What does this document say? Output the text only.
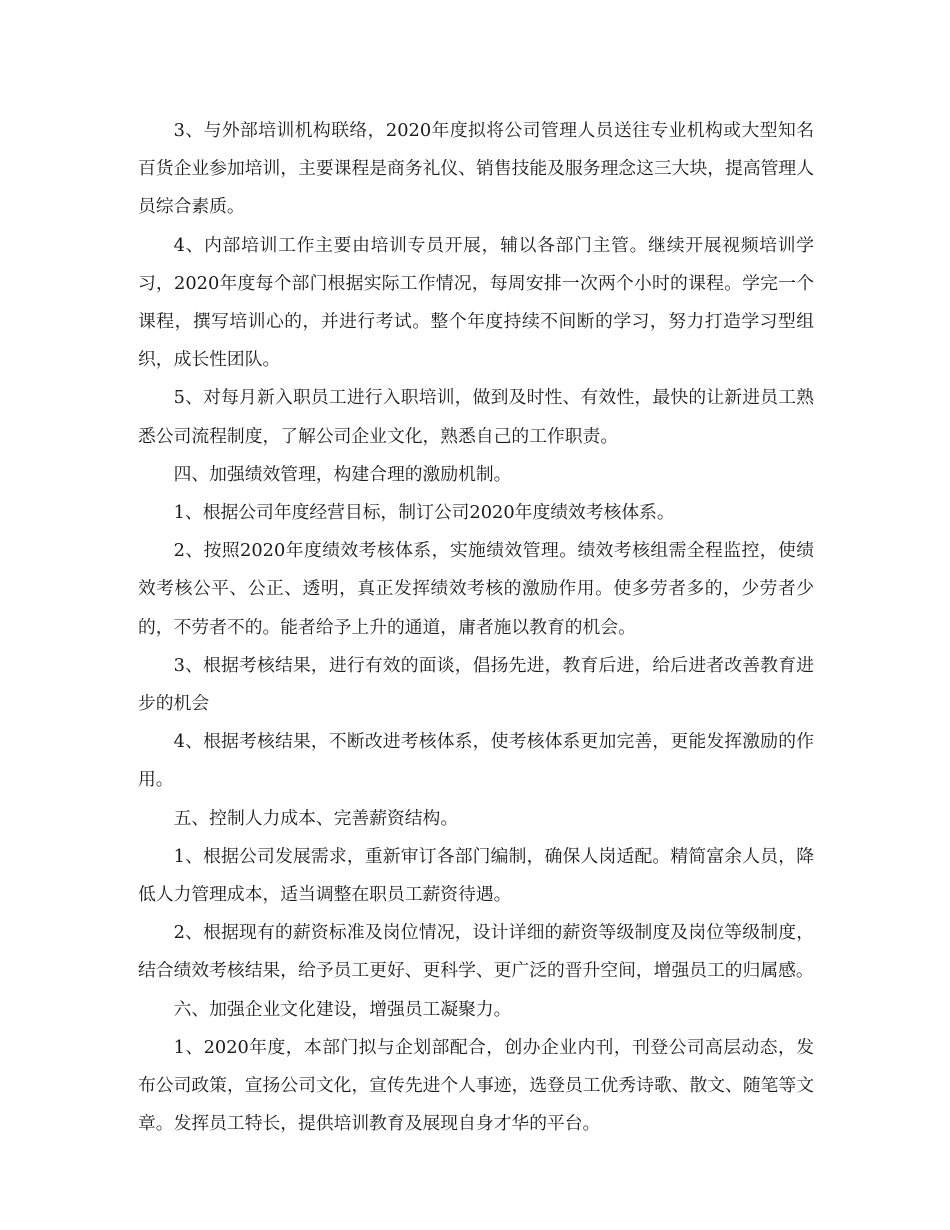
3、与外部培训机构联络，2020年度拟将公司管理人员送往专业机构或大型知名百货企业参加培训，主要课程是商务礼仪、销售技能及服务理念这三大块，提高管理人员综合素质。

4、内部培训工作主要由培训专员开展，辅以各部门主管。继续开展视频培训学习，2020年度每个部门根据实际工作情况，每周安排一次两个小时的课程。学完一个课程，撰写培训心的，并进行考试。整个年度持续不间断的学习，努力打造学习型组织，成长性团队。

5、对每月新入职员工进行入职培训，做到及时性、有效性，最快的让新进员工熟悉公司流程制度，了解公司企业文化，熟悉自己的工作职责。

四、加强绩效管理，构建合理的激励机制。

1、根据公司年度经营目标，制订公司2020年度绩效考核体系。

2、按照2020年度绩效考核体系，实施绩效管理。绩效考核组需全程监控，使绩效考核公平、公正、透明，真正发挥绩效考核的激励作用。使多劳者多的，少劳者少的，不劳者不的。能者给予上升的通道，庸者施以教育的机会。

3、根据考核结果，进行有效的面谈，倡扬先进，教育后进，给后进者改善教育进步的机会

4、根据考核结果，不断改进考核体系，使考核体系更加完善，更能发挥激励的作用。

五、控制人力成本、完善薪资结构。

1、根据公司发展需求，重新审订各部门编制，确保人岗适配。精简富余人员，降低人力管理成本，适当调整在职员工薪资待遇。

2、根据现有的薪资标准及岗位情况，设计详细的薪资等级制度及岗位等级制度，结合绩效考核结果，给予员工更好、更科学、更广泛的晋升空间，增强员工的归属感。

六、加强企业文化建设，增强员工凝聚力。

1、2020年度，本部门拟与企划部配合，创办企业内刊，刊登公司高层动态，发布公司政策，宣扬公司文化，宣传先进个人事迹，选登员工优秀诗歌、散文、随笔等文章。发挥员工特长，提供培训教育及展现自身才华的平台。
